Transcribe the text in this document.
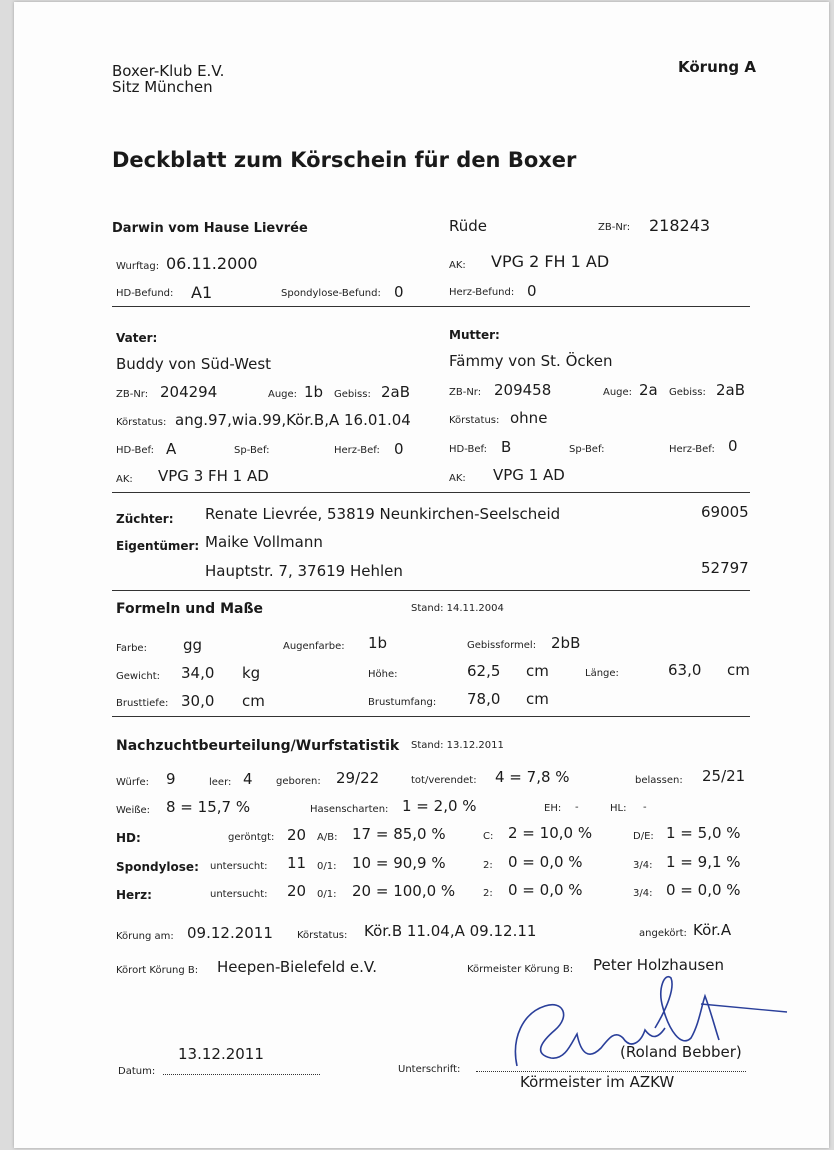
Boxer-Klub E.V.
Sitz München
Körung A
Deckblatt zum Körschein für den Boxer
Darwin vom Hause Lievrée	Rüde	ZB-Nr: 218243
Wurftag: 06.11.2000	AK: VPG 2 FH 1 AD
HD-Befund: A1	Spondylose-Befund: 0	Herz-Befund: 0
Vater:
Buddy von Süd-West
ZB-Nr: 204294	Auge: 1b Gebiss: 2aB
Körstatus: ang.97,wia.99,Kör.B,A 16.01.04
HD-Bef: A	Sp-Bef:	Herz-Bef: 0
AK: VPG 3 FH 1 AD
Mutter:
Fämmy von St. Öcken
ZB-Nr: 209458	Auge: 2a Gebiss: 2aB
Körstatus: ohne
HD-Bef: B	Sp-Bef:	Herz-Bef: 0
AK: VPG 1 AD
Züchter: Renate Lievrée, 53819 Neunkirchen-Seelscheid	69005
Eigentümer: Maike Vollmann
Hauptstr. 7, 37619 Hehlen	52797
Formeln und Maße	Stand: 14.11.2004
Farbe: gg	Augenfarbe: 1b	Gebissformel: 2bB
Gewicht: 34,0 kg	Höhe:	62,5 cm	Länge:	63,0 cm
Brusttiefe: 30,0 cm	Brustumfang: 78,0 cm
Nachzuchtbeurteilung/Wurfstatistik Stand: 13.12.2011
Würfe: 9	leer: 4 geboren: 29/22	tot/verendet: 4 = 7,8 %	belassen: 25/21
Weiße: 8 = 15,7 %	Hasenscharten: 1 = 2,0 %	EH: -	HL: -
HD:	geröntgt: 20 A/B: 17 = 85,0 %	C: 2 = 10,0 %	D/E: 1 = 5,0 %
Spondylose: untersucht: 11 0/1: 10 = 90,9 %	2: 0 = 0,0 %	3/4: 1 = 9,1 %
Herz:	untersucht: 20 0/1: 20 = 100,0 %	2: 0 = 0,0 %	3/4: 0 = 0,0 %
Körung am: 09.12.2011 Körstatus: Kör.B 11.04,A 09.12.11	angekört: Kör.A
Körort Körung B: Heepen-Bielefeld e.V.	Körmeister Körung B: Peter Holzhausen
13.12.2011
Datum:	Unterschrift:
(Roland Bebber)
Körmeister im AZKW
